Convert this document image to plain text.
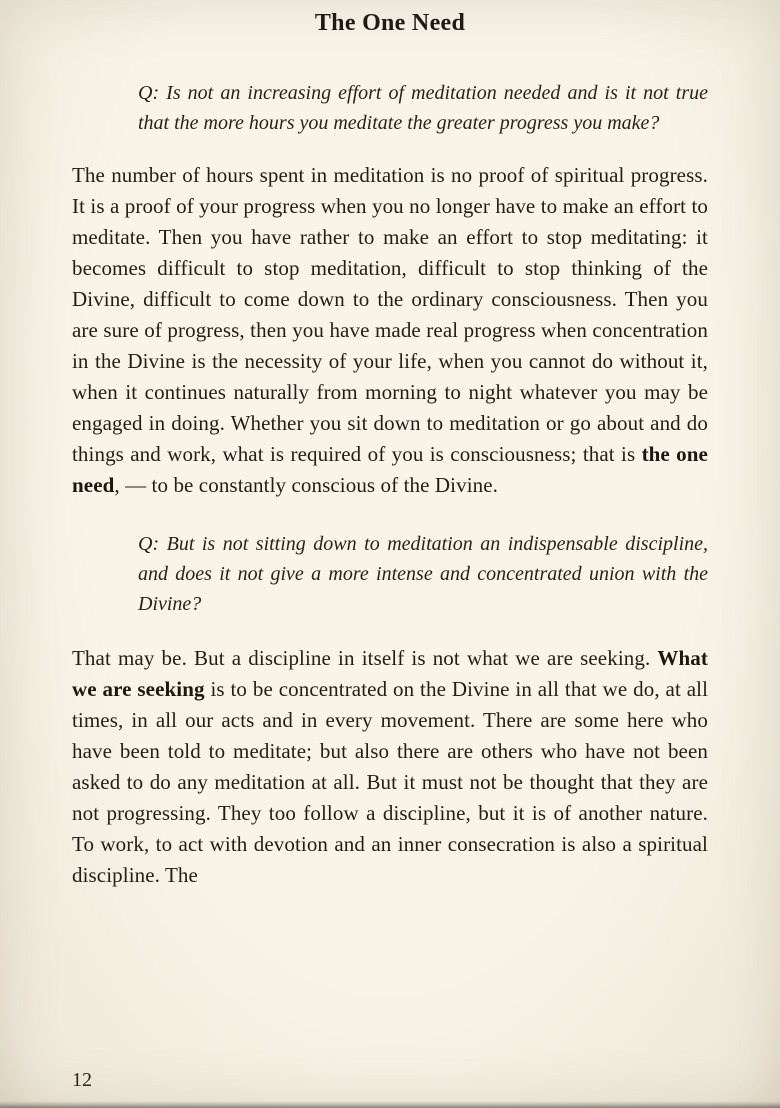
The One Need
Q: Is not an increasing effort of meditation needed and is it not true that the more hours you meditate the greater progress you make?

The number of hours spent in meditation is no proof of spiritual progress. It is a proof of your progress when you no longer have to make an effort to meditate. Then you have rather to make an effort to stop meditating: it becomes difficult to stop meditation, difficult to stop thinking of the Divine, difficult to come down to the ordinary consciousness. Then you are sure of progress, then you have made real progress when concentration in the Divine is the necessity of your life, when you cannot do without it, when it continues naturally from morning to night whatever you may be engaged in doing. Whether you sit down to meditation or go about and do things and work, what is required of you is consciousness; that is the one need, — to be constantly conscious of the Divine.

Q: But is not sitting down to meditation an indispensable discipline, and does it not give a more intense and concentrated union with the Divine?

That may be. But a discipline in itself is not what we are seeking. What we are seeking is to be concentrated on the Divine in all that we do, at all times, in all our acts and in every movement. There are some here who have been told to meditate; but also there are others who have not been asked to do any meditation at all. But it must not be thought that they are not progressing. They too follow a discipline, but it is of another nature. To work, to act with devotion and an inner consecration is also a spiritual discipline. The

12
